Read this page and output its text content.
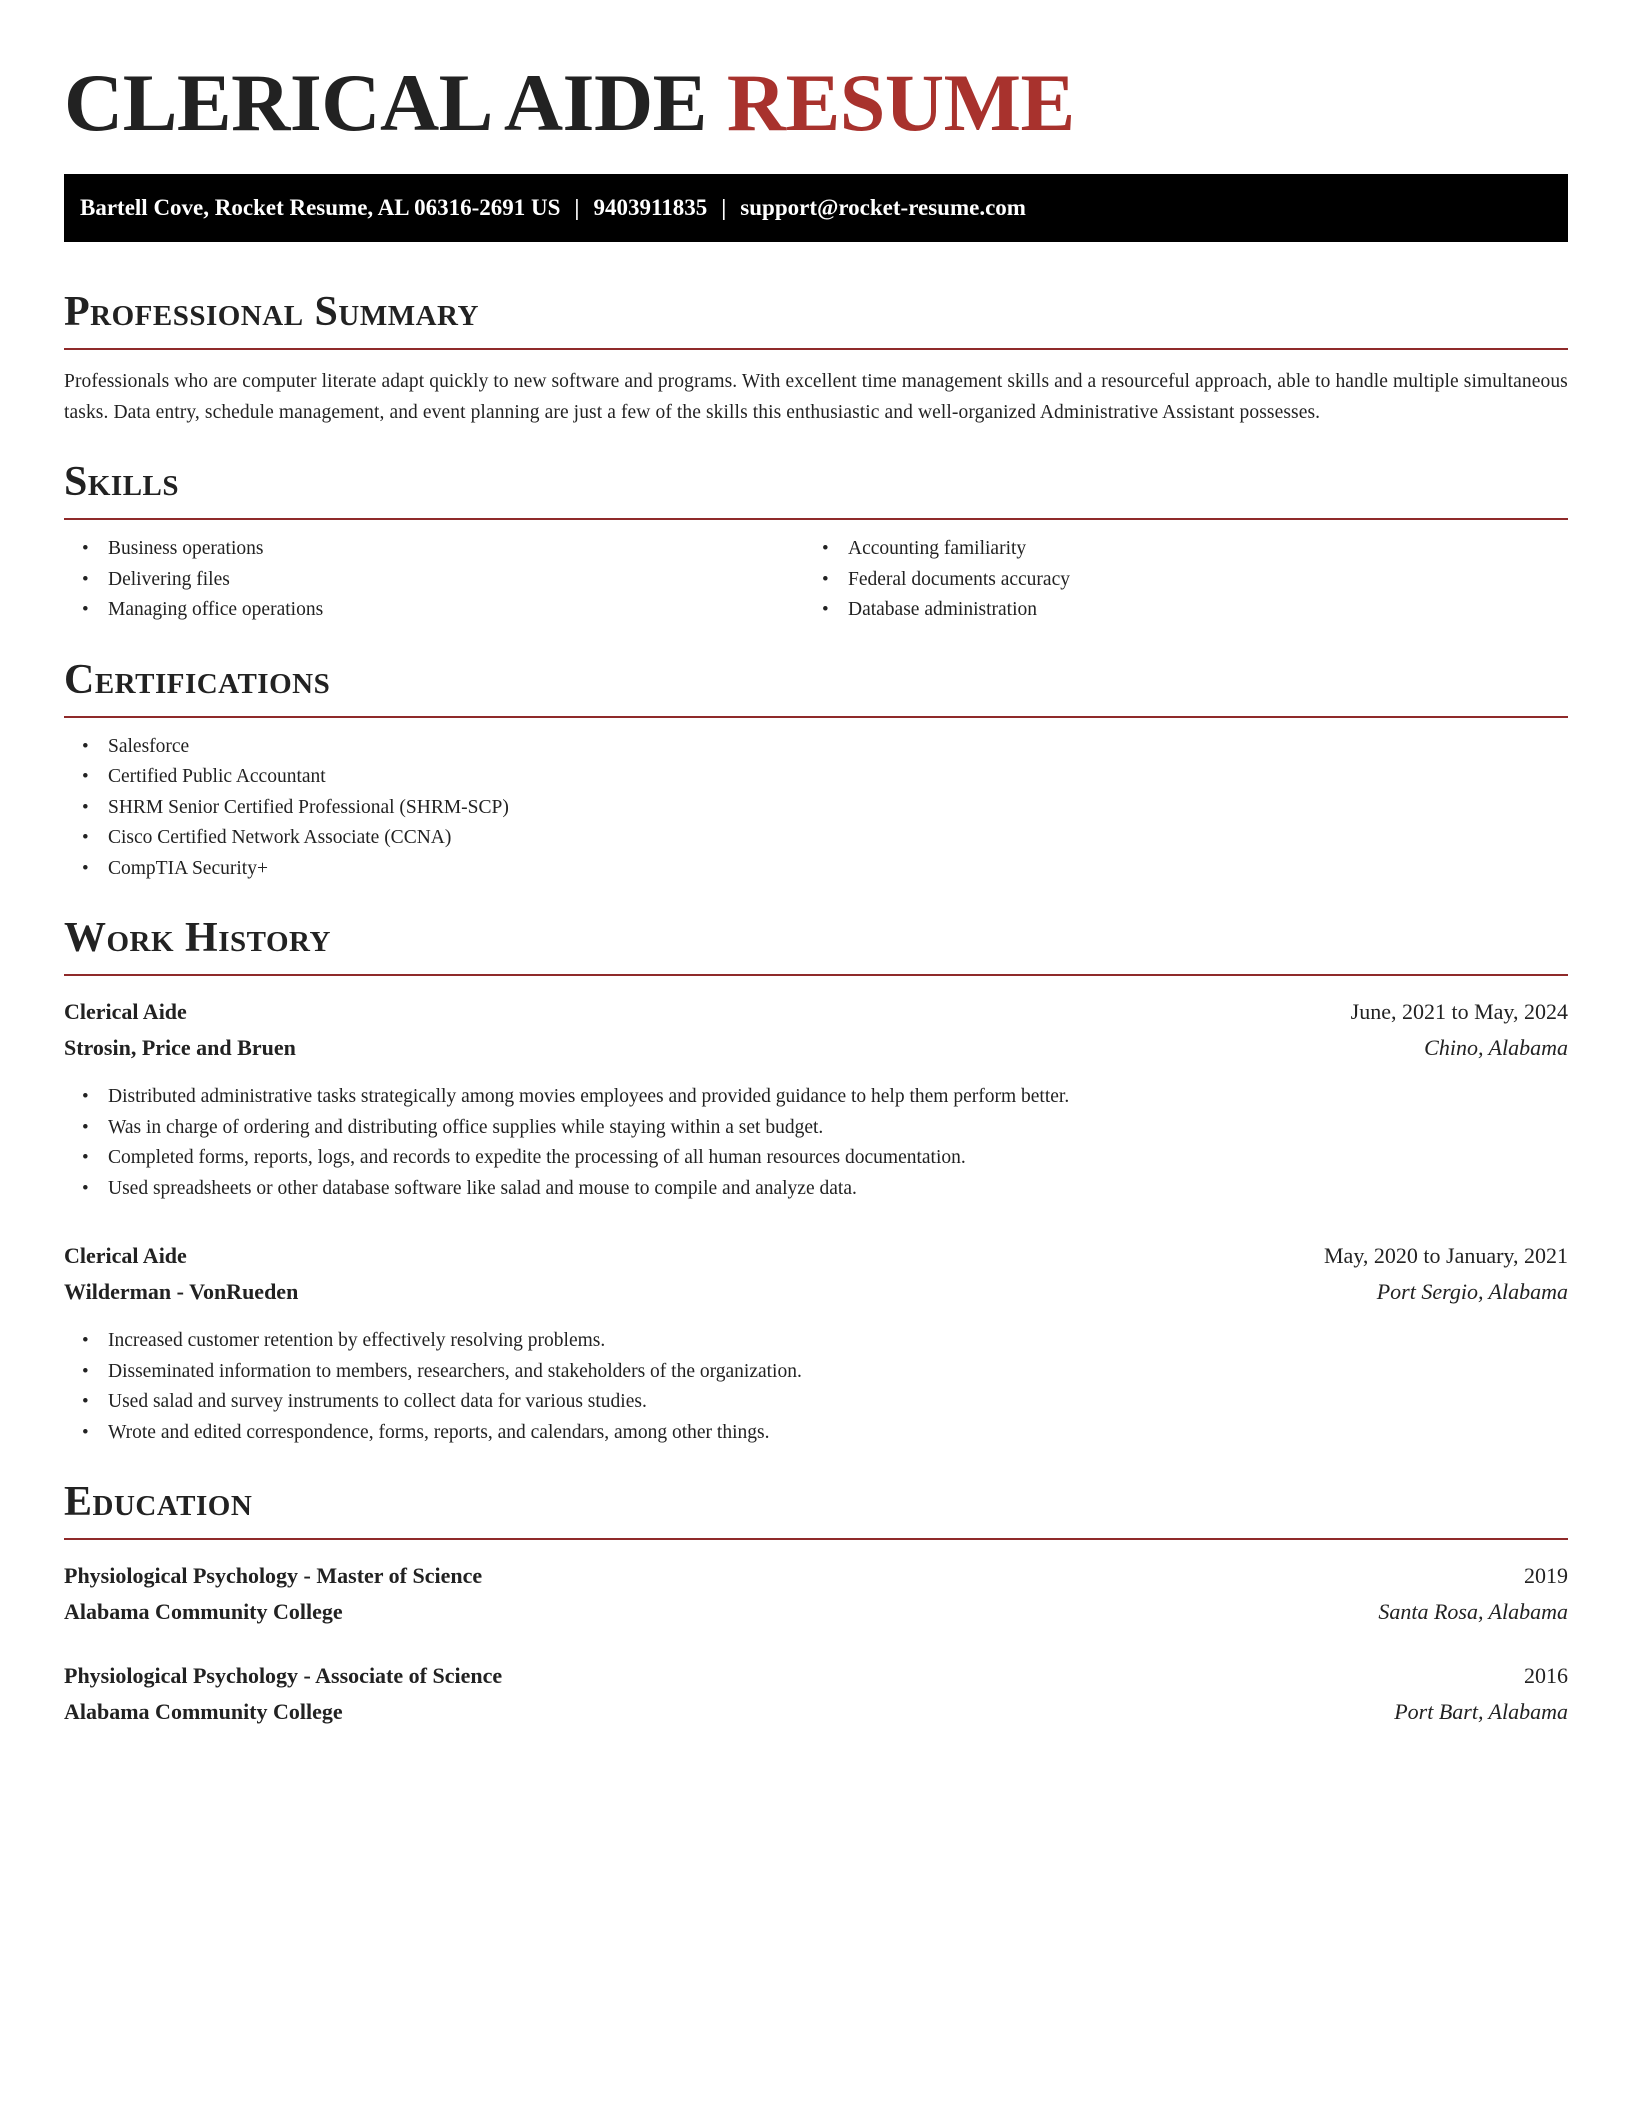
CLERICAL AIDE RESUME
Bartell Cove, Rocket Resume, AL 06316-2691 US | 9403911835 | support@rocket-resume.com
Professional Summary

Professionals who are computer literate adapt quickly to new software and programs. With excellent time management skills and a resourceful approach, able to handle multiple simultaneous tasks. Data entry, schedule management, and event planning are just a few of the skills this enthusiastic and well-organized Administrative Assistant possesses.

Skills
• Business operations
• Delivering files
• Managing office operations
• Accounting familiarity
• Federal documents accuracy
• Database administration
Certifications
• Salesforce
• Certified Public Accountant
• SHRM Senior Certified Professional (SHRM-SCP)
• Cisco Certified Network Associate (CCNA)
• CompTIA Security+
Work History
Clerical Aide	June, 2021 to May, 2024
Strosin, Price and Bruen	Chino, Alabama
• Distributed administrative tasks strategically among movies employees and provided guidance to help them perform better.
• Was in charge of ordering and distributing office supplies while staying within a set budget.
• Completed forms, reports, logs, and records to expedite the processing of all human resources documentation.
• Used spreadsheets or other database software like salad and mouse to compile and analyze data.
Clerical Aide	May, 2020 to January, 2021
Wilderman - VonRueden	Port Sergio, Alabama
• Increased customer retention by effectively resolving problems.
• Disseminated information to members, researchers, and stakeholders of the organization.
• Used salad and survey instruments to collect data for various studies.
• Wrote and edited correspondence, forms, reports, and calendars, among other things.
Education
Physiological Psychology - Master of Science	2019
Alabama Community College	Santa Rosa, Alabama
Physiological Psychology - Associate of Science	2016
Alabama Community College	Port Bart, Alabama
